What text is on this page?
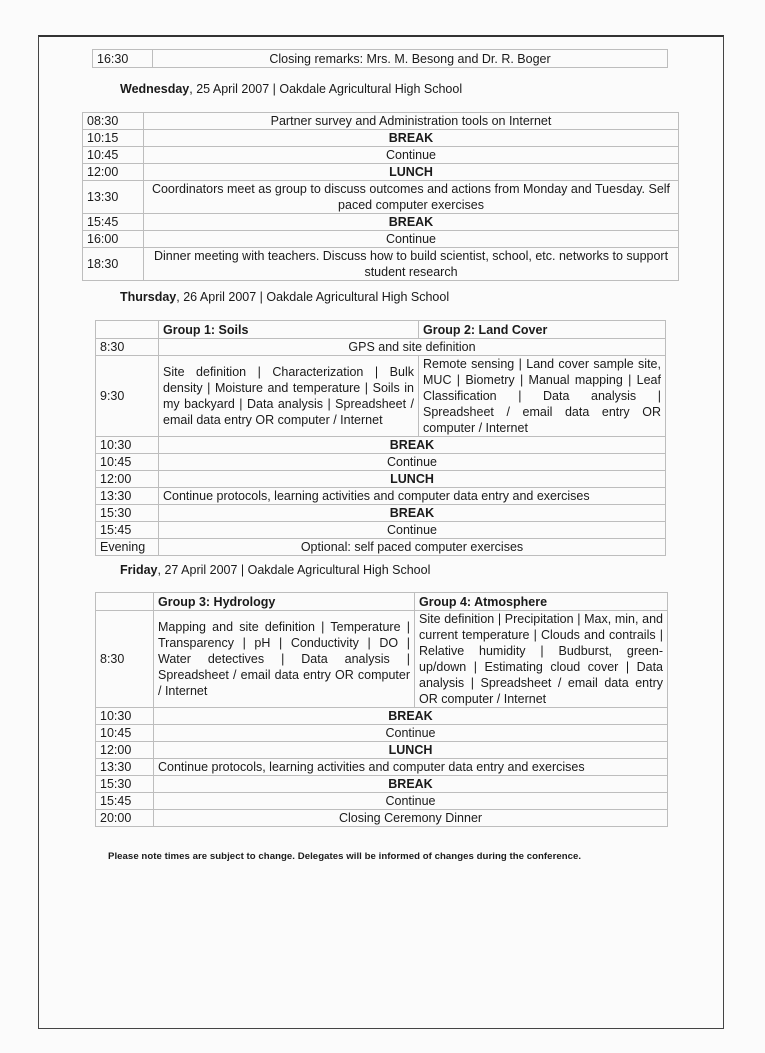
16:30	Closing remarks: Mrs. M. Besong and Dr. R. Boger
Wednesday, 25 April 2007 | Oakdale Agricultural High School
08:30	Partner survey and Administration tools on Internet
10:15	BREAK
10:45	Continue
12:00	LUNCH
13:30	Coordinators meet as group to discuss outcomes and actions from Monday and Tuesday. Self paced computer exercises
15:45	BREAK
16:00	Continue
18:30	Dinner meeting with teachers. Discuss how to build scientist, school, etc. networks to support student research
Thursday, 26 April 2007 | Oakdale Agricultural High School
	Group 1: Soils	Group 2: Land Cover
8:30	GPS and site definition	
9:30	Site definition | Characterization | Bulk density | Moisture and temperature | Soils in my backyard | Data analysis | Spreadsheet / email data entry OR computer / Internet	Remote sensing | Land cover sample site, MUC | Biometry | Manual mapping | Leaf Classification | Data analysis | Spreadsheet / email data entry OR computer / Internet
10:30	BREAK	
10:45	Continue	
12:00	LUNCH	
13:30	Continue protocols, learning activities and computer data entry and exercises	
15:30	BREAK	
15:45	Continue	
Evening	Optional: self paced computer exercises	
Friday, 27 April 2007 | Oakdale Agricultural High School
	Group 3: Hydrology	Group 4: Atmosphere
8:30	Mapping and site definition | Temperature | Transparency | pH | Conductivity | DO | Water detectives | Data analysis | Spreadsheet / email data entry OR computer / Internet	Site definition | Precipitation | Max, min, and current temperature | Clouds and contrails | Relative humidity | Budburst, green-up/down | Estimating cloud cover | Data analysis | Spreadsheet / email data entry OR computer / Internet
10:30	BREAK	
10:45	Continue	
12:00	LUNCH	
13:30	Continue protocols, learning activities and computer data entry and exercises	
15:30	BREAK	
15:45	Continue	
20:00	Closing Ceremony Dinner	
Please note times are subject to change. Delegates will be informed of changes during the conference.
